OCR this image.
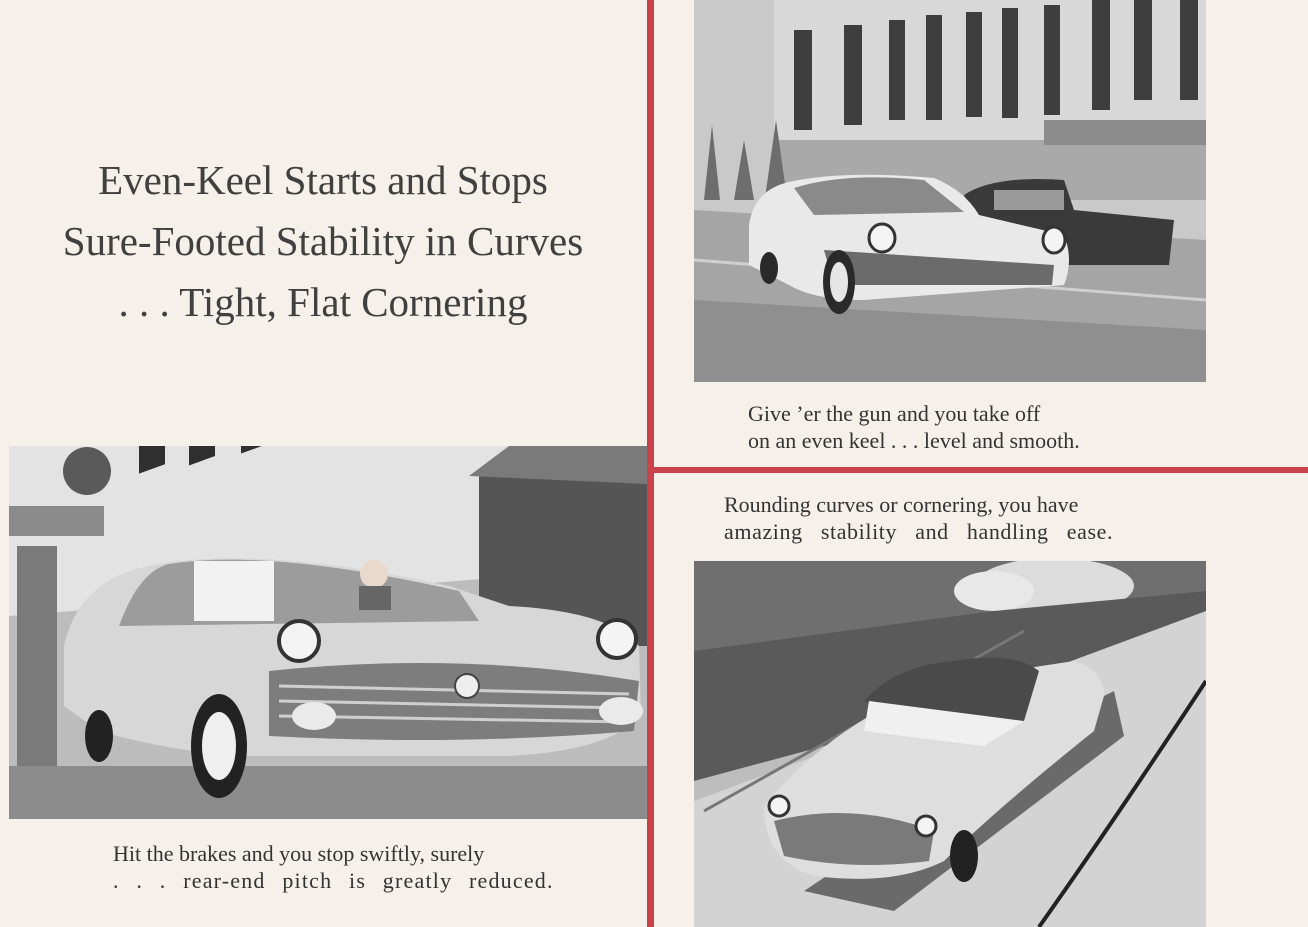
Even-Keel Starts and Stops
Sure-Footed Stability in Curves
. . . Tight, Flat Cornering
Give ’er the gun and you take off
on an even keel . . . level and smooth.
Rounding curves or cornering, you have
amazing stability and handling ease.
Hit the brakes and you stop swiftly, surely
. . . rear-end pitch is greatly reduced.
